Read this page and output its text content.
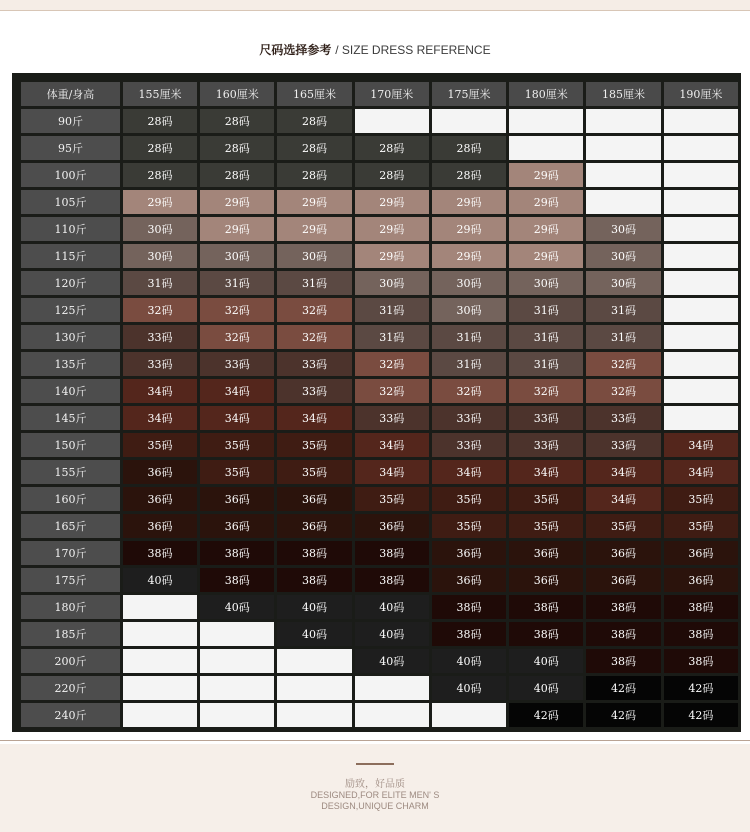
尺码选择参考 / SIZE DRESS REFERENCE
体重/身高	155厘米	160厘米	165厘米	170厘米	175厘米	180厘米	185厘米	190厘米
90斤	28码	28码	28码					
95斤	28码	28码	28码	28码	28码			
100斤	28码	28码	28码	28码	28码	29码		
105斤	29码	29码	29码	29码	29码	29码		
110斤	30码	29码	29码	29码	29码	29码	30码	
115斤	30码	30码	30码	29码	29码	29码	30码	
120斤	31码	31码	31码	30码	30码	30码	30码	
125斤	32码	32码	32码	31码	30码	31码	31码	
130斤	33码	32码	32码	31码	31码	31码	31码	
135斤	33码	33码	33码	32码	31码	31码	32码	
140斤	34码	34码	33码	32码	32码	32码	32码	
145斤	34码	34码	34码	33码	33码	33码	33码	
150斤	35码	35码	35码	34码	33码	33码	33码	34码
155斤	36码	35码	35码	34码	34码	34码	34码	34码
160斤	36码	36码	36码	35码	35码	35码	34码	35码
165斤	36码	36码	36码	36码	35码	35码	35码	35码
170斤	38码	38码	38码	38码	36码	36码	36码	36码
175斤	40码	38码	38码	38码	36码	36码	36码	36码
180斤		40码	40码	40码	38码	38码	38码	38码
185斤			40码	40码	38码	38码	38码	38码
200斤				40码	40码	40码	38码	38码
220斤					40码	40码	42码	42码
240斤						42码	42码	42码
励致，好品质
DESIGNED,FOR ELITE MEN' S
DESIGN,UNIQUE CHARM
